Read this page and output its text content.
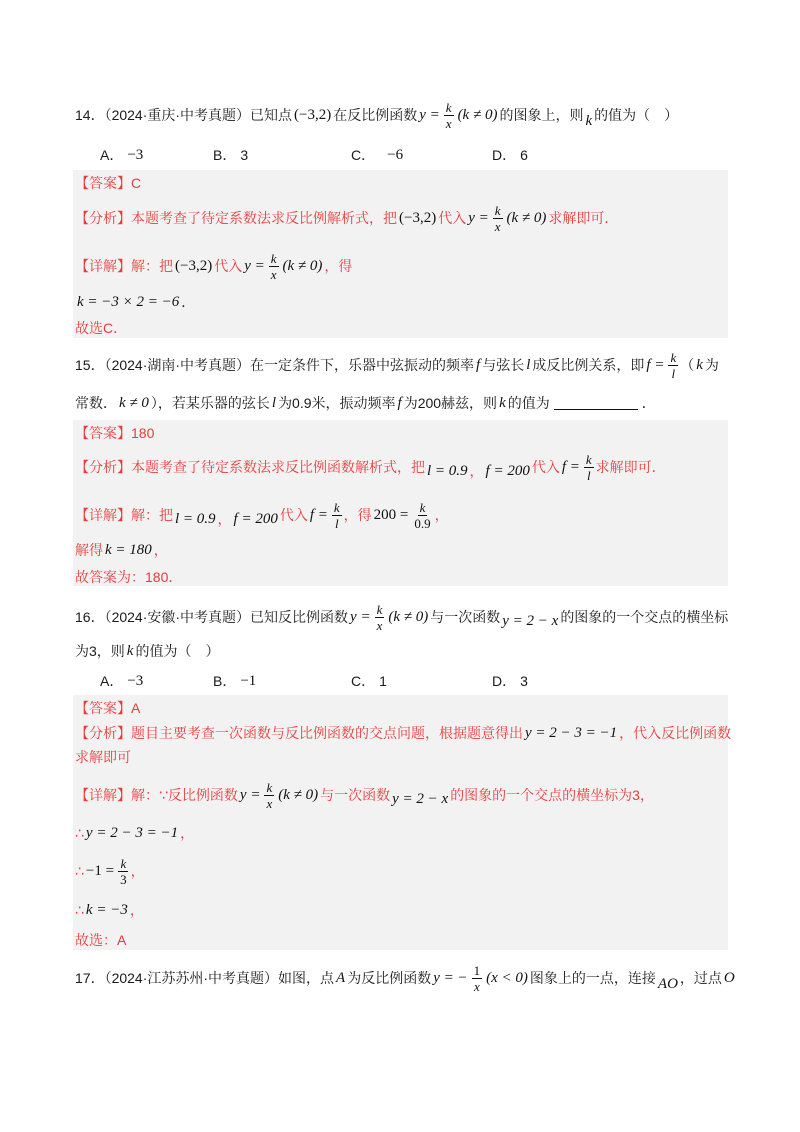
14．（2024·重庆·中考真题）已知点 (−3,2) 在反比例函数 $y = \frac{k}{x} (k \ne 0)$ 的图象上，则 k 的值为（　）
A． −3	B． 3	C． −6	D． 6
【答案】C
【分析】本题考查了待定系数法求反比例解析式，把 (−3,2) 代入 $y = \frac{k}{x} (k \ne 0)$ 求解即可．
【详解】解：把 (−3,2) 代入 $y = \frac{k}{x} (k \ne 0)$ ，得
k = −3 × 2 = −6 ．
故选C．
15．（2024·湖南·中考真题）在一定条件下，乐器中弦振动的频率 f 与弦长 l 成反比例关系，即 $f = \frac{k}{l}$ （ k 为
常数． k ≠ 0 ），若某乐器的弦长 l 为0.9米，振动频率 f 为200赫兹，则 k 的值为	．
【答案】180
【分析】本题考查了待定系数法求反比例函数解析式，把 l = 0.9 ， f = 200 代入 $f = \frac{k}{l}$ 求解即可．
【详解】解：把 l = 0.9 ， f = 200 代入 $f = \frac{k}{l}$ ，得 $200 = \frac{k}{0.9}$ ，
解得 k = 180 ，
故答案为：180．
16．（2024·安徽·中考真题）已知反比例函数 $y = \frac{k}{x} (k \ne 0)$ 与一次函数 y = 2 − x 的图象的一个交点的横坐标
为3，则 k 的值为（　）
A． −3	B． −1	C． 1	D． 3
【答案】A
【分析】题目主要考查一次函数与反比例函数的交点问题，根据题意得出 y = 2 − 3 = −1 ，代入反比例函数
求解即可
【详解】解：∵反比例函数 $y = \frac{k}{x} (k \ne 0)$ 与一次函数 y = 2 − x 的图象的一个交点的横坐标为3，
∴ y = 2 − 3 = −1 ，
∴ $-1 = \frac{k}{3}$ ，
∴ k = −3 ，
故选：A
17．（2024·江苏苏州·中考真题）如图，点 A 为反比例函数 y = − $\frac{1}{x} (x < 0)$ 图象上的一点，连接 AO ，过点 O
